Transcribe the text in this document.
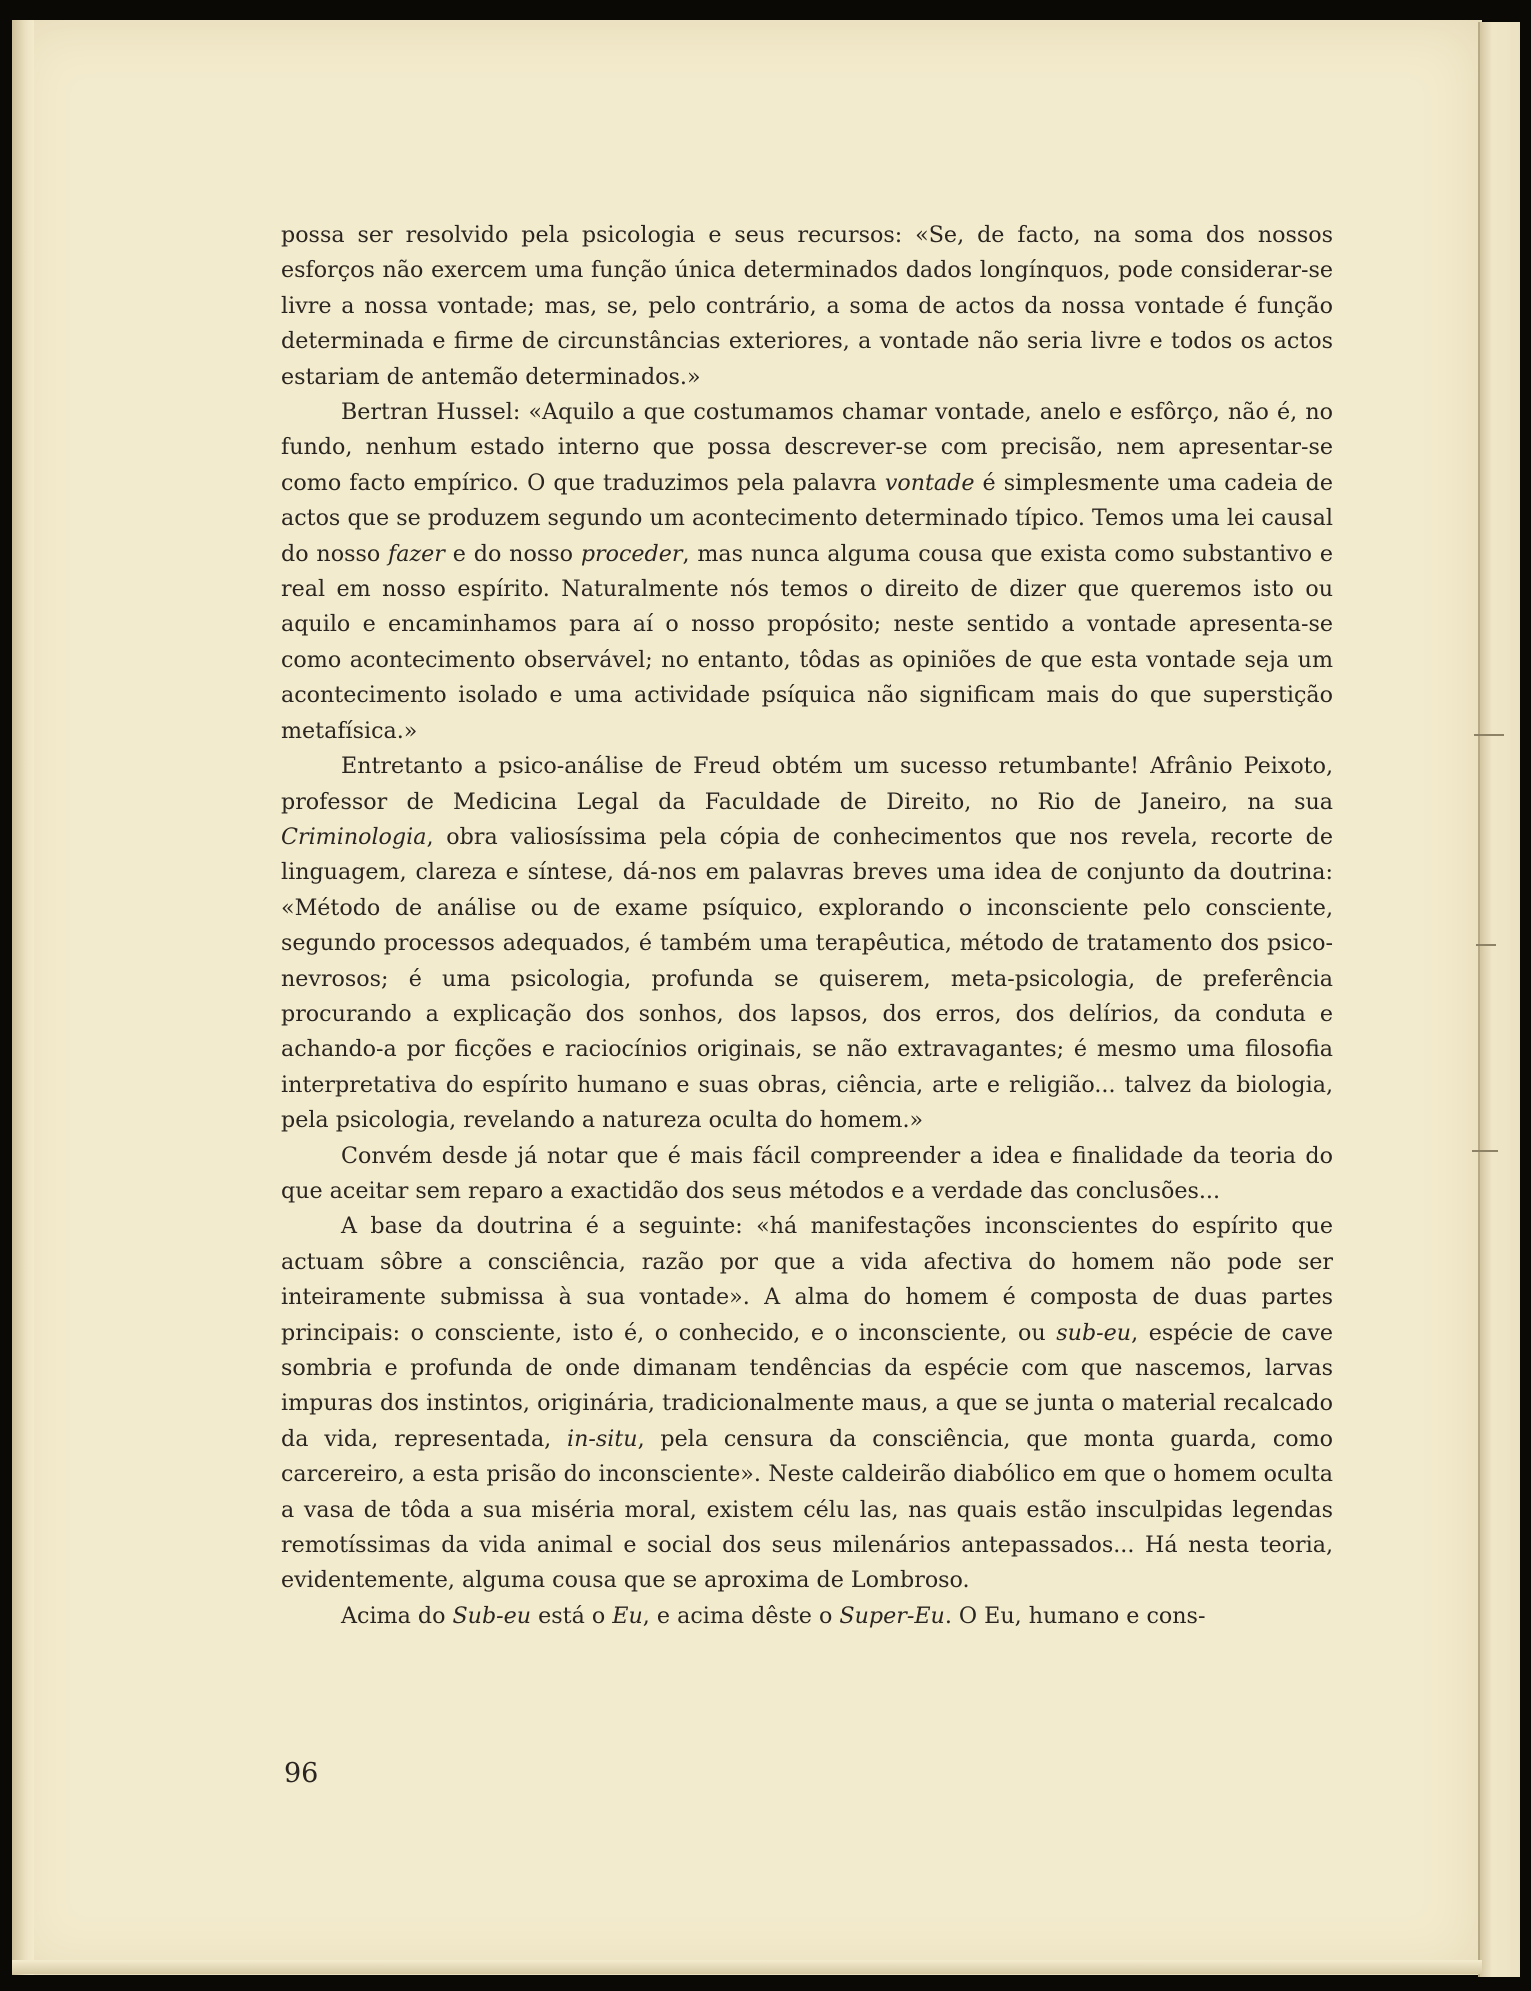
possa ser resolvido pela psicologia e seus recursos: «Se, de facto, na soma dos nossos esforços não exercem uma função única determinados dados longínquos, pode considerar-se livre a nossa vontade; mas, se, pelo contrário, a soma de actos da nossa vontade é função determinada e firme de circunstâncias exteriores, a vontade não seria livre e todos os actos estariam de antemão determinados.»

Bertran Hussel: «Aquilo a que costumamos chamar vontade, anelo e esfôrço, não é, no fundo, nenhum estado interno que possa descrever-se com precisão, nem apresentar-se como facto empírico. O que traduzimos pela palavra vontade é simplesmente uma cadeia de actos que se produzem segundo um acontecimento determinado típico. Temos uma lei causal do nosso fazer e do nosso proceder, mas nunca alguma cousa que exista como substantivo e real em nosso espírito. Naturalmente nós temos o direito de dizer que queremos isto ou aquilo e encaminhamos para aí o nosso propósito; neste sentido a vontade apresenta-se como acontecimento observável; no entanto, tôdas as opiniões de que esta vontade seja um acontecimento isolado e uma actividade psíquica não significam mais do que superstição metafísica.»

Entretanto a psico-análise de Freud obtém um sucesso retumbante! Afrânio Peixoto, professor de Medicina Legal da Faculdade de Direito, no Rio de Janeiro, na sua Criminologia, obra valiosíssima pela cópia de conhecimentos que nos revela, recorte de linguagem, clareza e síntese, dá-nos em palavras breves uma idea de conjunto da doutrina: «Método de análise ou de exame psíquico, explorando o inconsciente pelo consciente, segundo processos adequados, é também uma terapêutica, método de tratamento dos psico-nevrosos; é uma psicologia, profunda se quiserem, meta-psicologia, de preferência procurando a explicação dos sonhos, dos lapsos, dos erros, dos delírios, da conduta e achando-a por ficções e raciocínios originais, se não extravagantes; é mesmo uma filosofia interpretativa do espírito humano e suas obras, ciência, arte e religião... talvez da biologia, pela psicologia, revelando a natureza oculta do homem.»

Convém desde já notar que é mais fácil compreender a idea e finalidade da teoria do que aceitar sem reparo a exactidão dos seus métodos e a verdade das conclusões...

A base da doutrina é a seguinte: «há manifestações inconscientes do espírito que actuam sôbre a consciência, razão por que a vida afectiva do homem não pode ser inteiramente submissa à sua vontade». A alma do homem é composta de duas partes principais: o consciente, isto é, o conhecido, e o inconsciente, ou sub-eu, espécie de cave sombria e profunda de onde dimanam tendências da espécie com que nascemos, larvas impuras dos instintos, originária, tradicionalmente maus, a que se junta o material recalcado da vida, representada, in-situ, pela censura da consciência, que monta guarda, como carcereiro, a esta prisão do inconsciente». Neste caldeirão diabólico em que o homem oculta a vasa de tôda a sua miséria moral, existem célu las, nas quais estão insculpidas legendas remotíssimas da vida animal e social dos seus milenários antepassados... Há nesta teoria, evidentemente, alguma cousa que se aproxima de Lombroso.

Acima do Sub-eu está o Eu, e acima dêste o Super-Eu. O Eu, humano e cons-

96
